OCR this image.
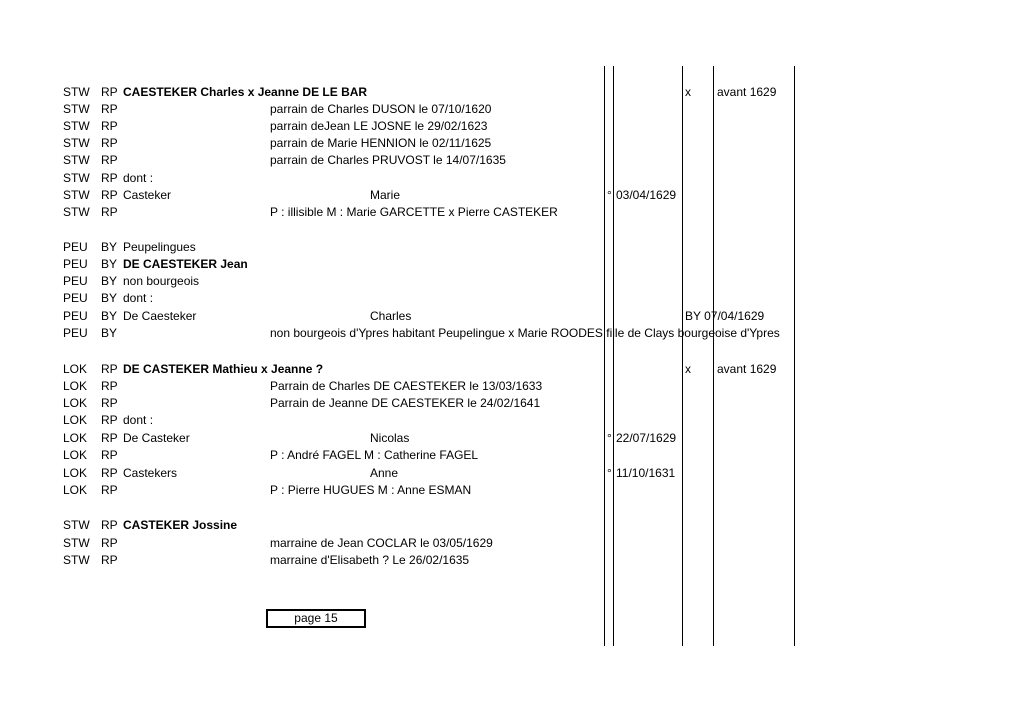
STW RP CAESTEKER Charles x Jeanne DE LE BAR	x avant 1629
STW RP	parrain de Charles DUSON le 07/10/1620
STW RP	parrain deJean LE JOSNE le 29/02/1623
STW RP	parrain de Marie HENNION le 02/11/1625
STW RP	parrain de Charles PRUVOST le 14/07/1635
STW RP dont :
STW RP Casteker	Marie	° 03/04/1629
STW RP	P : illisible M : Marie GARCETTE x Pierre CASTEKER
PEU BY Peupelingues
PEU BY DE CAESTEKER Jean
PEU BY non bourgeois
PEU BY dont :
PEU BY De Caesteker	Charles	BY 07/04/1629
PEU BY	non bourgeois d'Ypres habitant Peupelingue x Marie ROODES fille de Clays bourgeoise d'Ypres
LOK RP DE CASTEKER Mathieu x Jeanne ?	x avant 1629
LOK RP	Parrain de Charles DE CAESTEKER le 13/03/1633
LOK RP	Parrain de Jeanne DE CAESTEKER le 24/02/1641
LOK RP dont :
LOK RP De Casteker	Nicolas	° 22/07/1629
LOK RP	P : André FAGEL M : Catherine FAGEL
LOK RP Castekers	Anne	° 11/10/1631
LOK RP	P : Pierre HUGUES M : Anne ESMAN
STW RP CASTEKER Jossine
STW RP	marraine de Jean COCLAR le 03/05/1629
STW RP	marraine d'Elisabeth ? Le 26/02/1635
page 15
